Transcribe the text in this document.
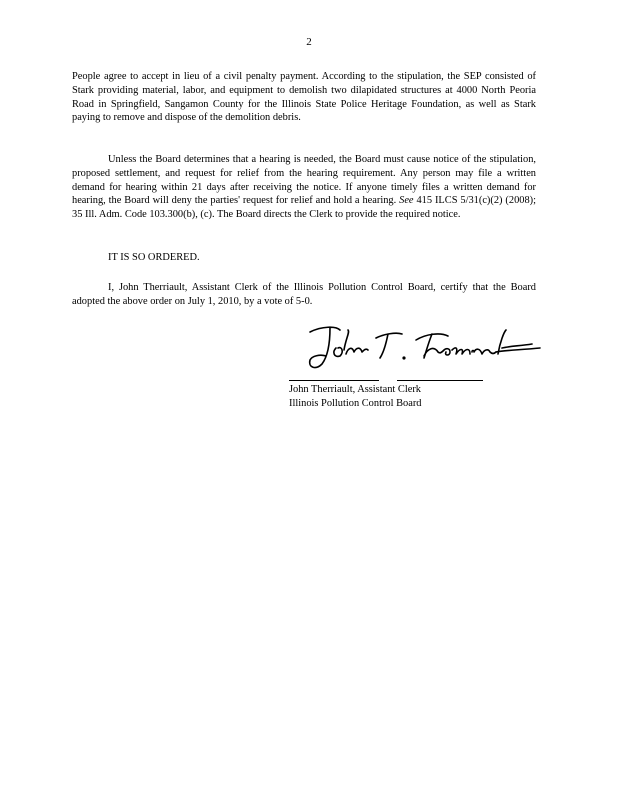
2

People agree to accept in lieu of a civil penalty payment. According to the stipulation, the SEP consisted of Stark providing material, labor, and equipment to demolish two dilapidated structures at 4000 North Peoria Road in Springfield, Sangamon County for the Illinois State Police Heritage Foundation, as well as Stark paying to remove and dispose of the demolition debris.

Unless the Board determines that a hearing is needed, the Board must cause notice of the stipulation, proposed settlement, and request for relief from the hearing requirement. Any person may file a written demand for hearing within 21 days after receiving the notice. If anyone timely files a written demand for hearing, the Board will deny the parties' request for relief and hold a hearing. See 415 ILCS 5/31(c)(2) (2008); 35 Ill. Adm. Code 103.300(b), (c). The Board directs the Clerk to provide the required notice.

IT IS SO ORDERED.

I, John Therriault, Assistant Clerk of the Illinois Pollution Control Board, certify that the Board adopted the above order on July 1, 2010, by a vote of 5-0.

John Therriault, Assistant Clerk
Illinois Pollution Control Board
